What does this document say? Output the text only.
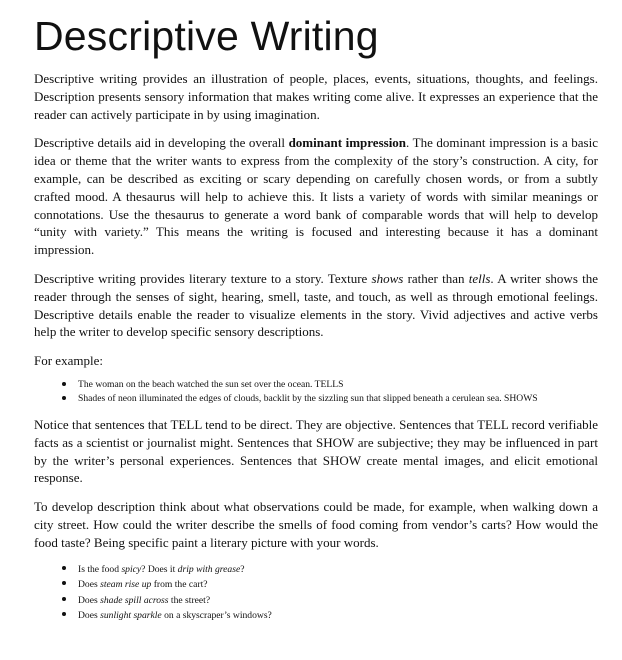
Descriptive Writing

Descriptive writing provides an illustration of people, places, events, situations, thoughts, and feelings. Description presents sensory information that makes writing come alive. It expresses an experience that the reader can actively participate in by using imagination.

Descriptive details aid in developing the overall dominant impression. The dominant impression is a basic idea or theme that the writer wants to express from the complexity of the story’s construction. A city, for example, can be described as exciting or scary depending on carefully chosen words, or from a subtly crafted mood. A thesaurus will help to achieve this. It lists a variety of words with similar meanings or connotations. Use the thesaurus to generate a word bank of comparable words that will help to develop “unity with variety.” This means the writing is focused and interesting because it has a dominant impression.

Descriptive writing provides literary texture to a story. Texture shows rather than tells. A writer shows the reader through the senses of sight, hearing, smell, taste, and touch, as well as through emotional feelings. Descriptive details enable the reader to visualize elements in the story. Vivid adjectives and active verbs help the writer to develop specific sensory descriptions.

For example:

The woman on the beach watched the sun set over the ocean. TELLS
Shades of neon illuminated the edges of clouds, backlit by the sizzling sun that slipped beneath a cerulean sea. SHOWS

Notice that sentences that TELL tend to be direct. They are objective. Sentences that TELL record verifiable facts as a scientist or journalist might. Sentences that SHOW are subjective; they may be influenced in part by the writer’s personal experiences. Sentences that SHOW create mental images, and elicit emotional response.

To develop description think about what observations could be made, for example, when walking down a city street. How could the writer describe the smells of food coming from vendor’s carts? How would the food taste? Being specific paint a literary picture with your words.

Is the food spicy? Does it drip with grease?
Does steam rise up from the cart?
Does shade spill across the street?
Does sunlight sparkle on a skyscraper’s windows?
